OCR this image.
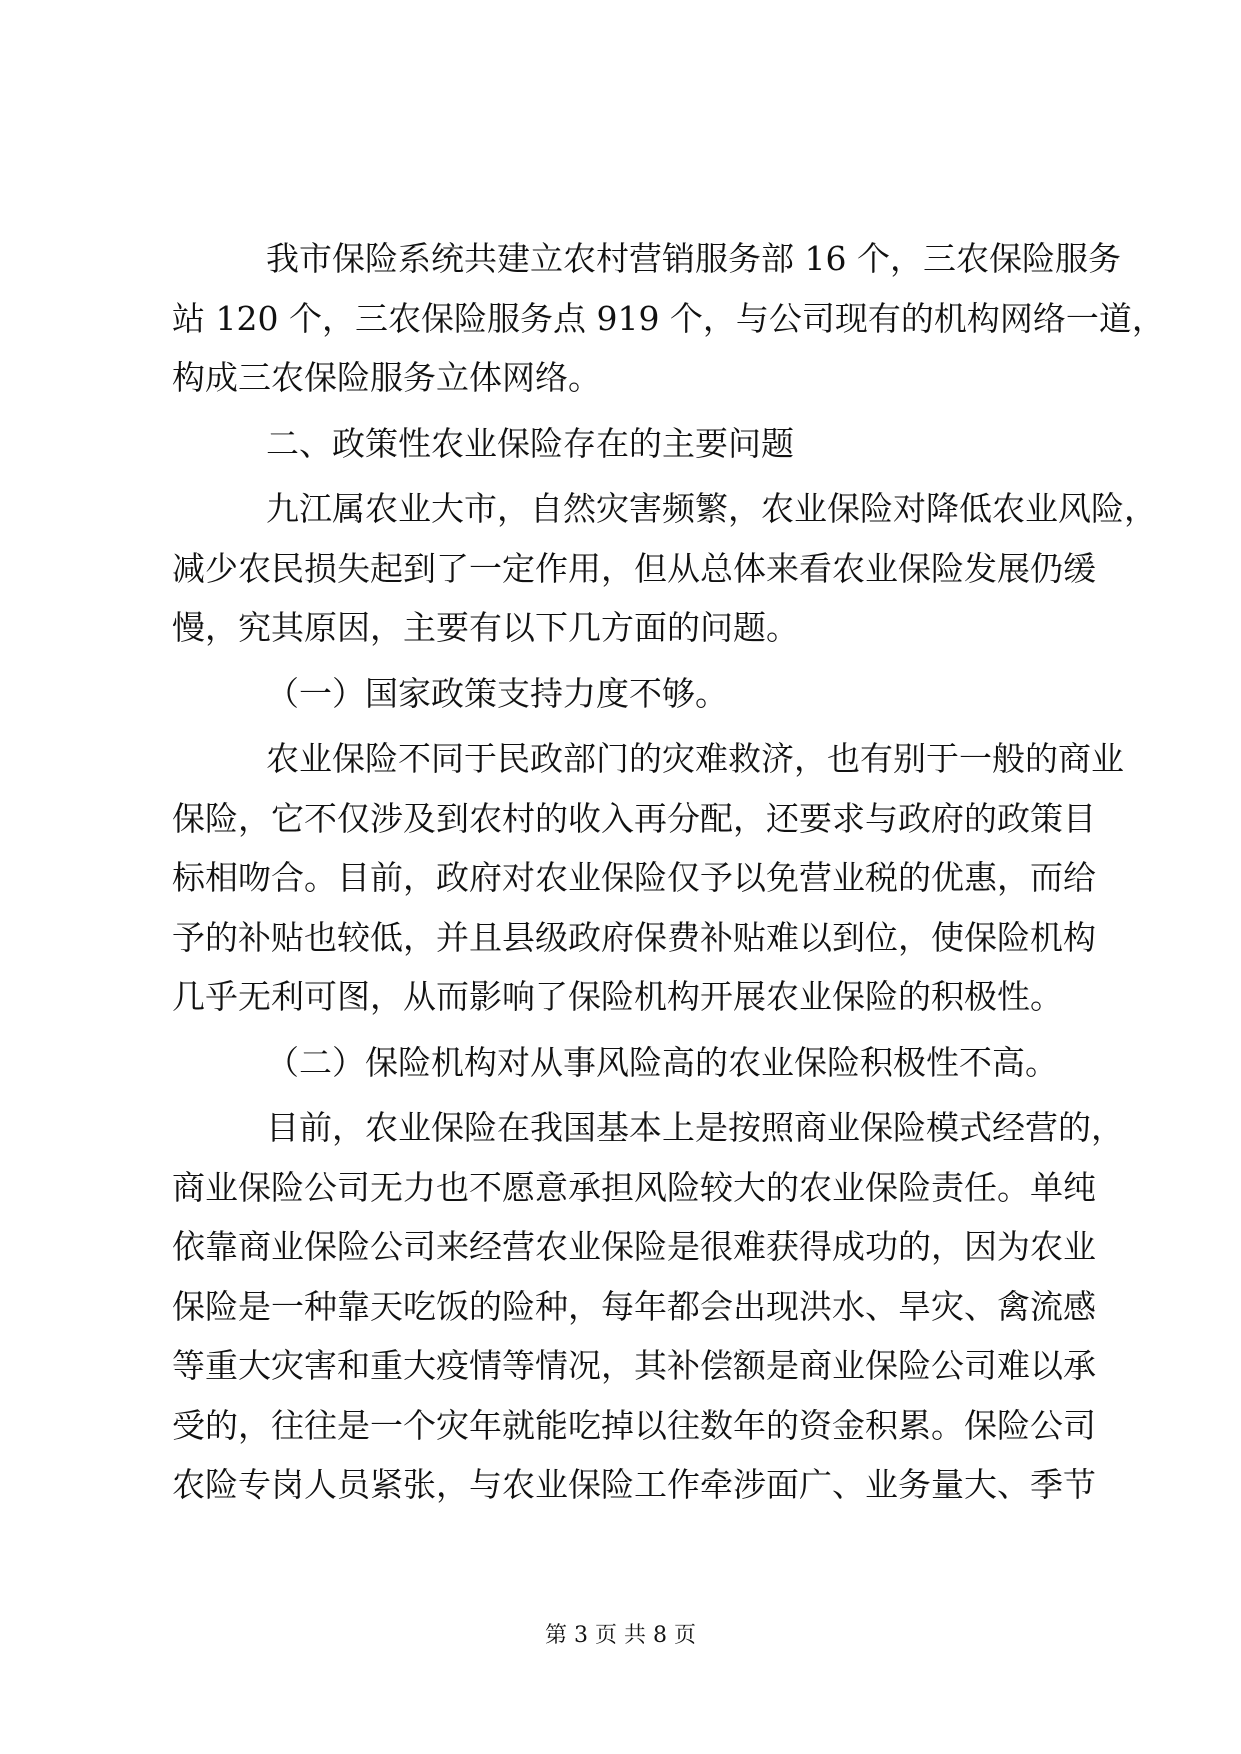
我市保险系统共建立农村营销服务部 16 个，三农保险服务
站 120 个，三农保险服务点 919 个，与公司现有的机构网络一道，
构成三农保险服务立体网络。
二、政策性农业保险存在的主要问题
九江属农业大市，自然灾害频繁，农业保险对降低农业风险，
减少农民损失起到了一定作用，但从总体来看农业保险发展仍缓
慢，究其原因，主要有以下几方面的问题。
（一）国家政策支持力度不够。
农业保险不同于民政部门的灾难救济，也有别于一般的商业
保险，它不仅涉及到农村的收入再分配，还要求与政府的政策目
标相吻合。目前，政府对农业保险仅予以免营业税的优惠，而给
予的补贴也较低，并且县级政府保费补贴难以到位，使保险机构
几乎无利可图，从而影响了保险机构开展农业保险的积极性。
（二）保险机构对从事风险高的农业保险积极性不高。
目前，农业保险在我国基本上是按照商业保险模式经营的，
商业保险公司无力也不愿意承担风险较大的农业保险责任。单纯
依靠商业保险公司来经营农业保险是很难获得成功的，因为农业
保险是一种靠天吃饭的险种，每年都会出现洪水、旱灾、禽流感
等重大灾害和重大疫情等情况，其补偿额是商业保险公司难以承
受的，往往是一个灾年就能吃掉以往数年的资金积累。保险公司
农险专岗人员紧张，与农业保险工作牵涉面广、业务量大、季节
第 3 页 共 8 页
